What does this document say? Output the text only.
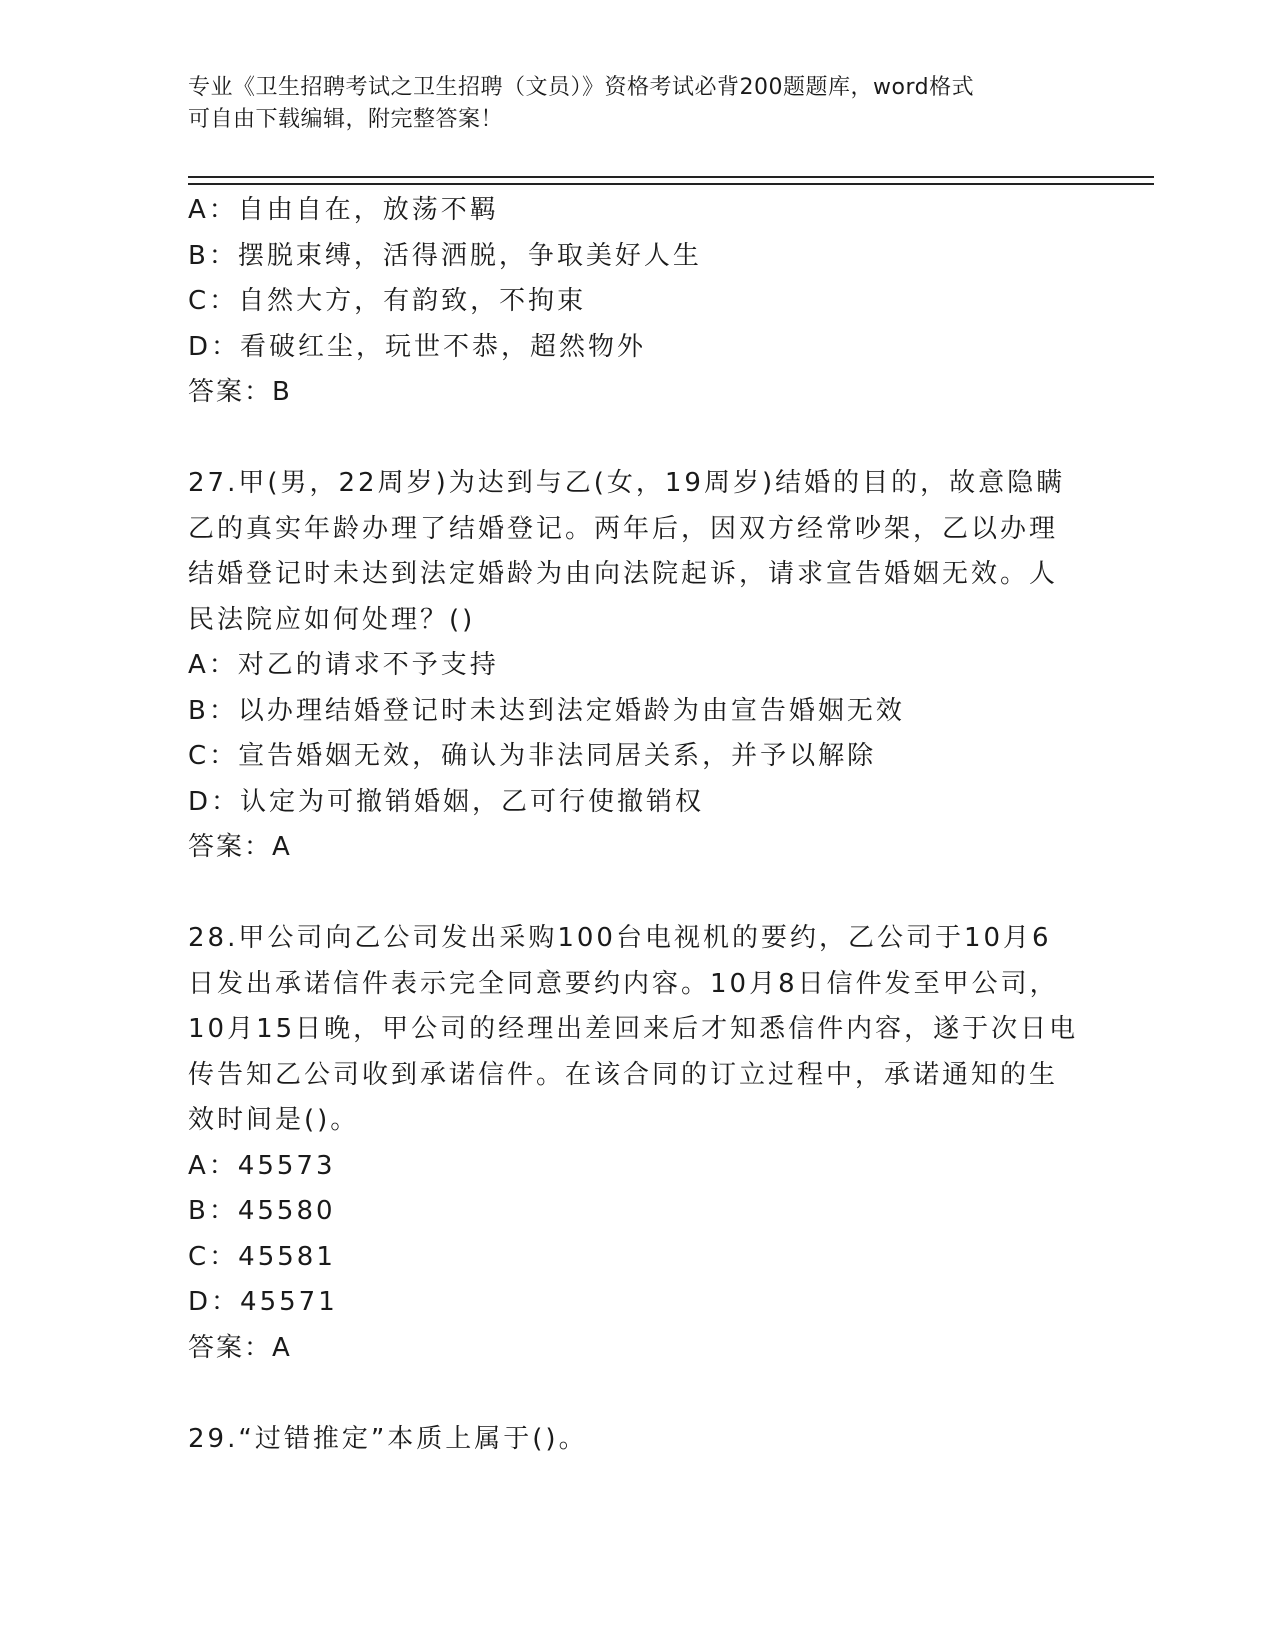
专业《卫生招聘考试之卫生招聘（文员）》资格考试必背200题题库，word格式
可自由下载编辑，附完整答案！
A：自由自在，放荡不羁
B：摆脱束缚，活得洒脱，争取美好人生
C：自然大方，有韵致，不拘束
D：看破红尘，玩世不恭，超然物外
答案：B
27.甲(男，22周岁)为达到与乙(女，19周岁)结婚的目的，故意隐瞒
乙的真实年龄办理了结婚登记。两年后，因双方经常吵架，乙以办理
结婚登记时未达到法定婚龄为由向法院起诉，请求宣告婚姻无效。人
民法院应如何处理？()
A：对乙的请求不予支持
B：以办理结婚登记时未达到法定婚龄为由宣告婚姻无效
C：宣告婚姻无效，确认为非法同居关系，并予以解除
D：认定为可撤销婚姻，乙可行使撤销权
答案：A
28.甲公司向乙公司发出采购100台电视机的要约，乙公司于10月6
日发出承诺信件表示完全同意要约内容。10月8日信件发至甲公司，
10月15日晚，甲公司的经理出差回来后才知悉信件内容，遂于次日电
传告知乙公司收到承诺信件。在该合同的订立过程中，承诺通知的生
效时间是()。
A：45573
B：45580
C：45581
D：45571
答案：A
29.“过错推定”本质上属于()。
